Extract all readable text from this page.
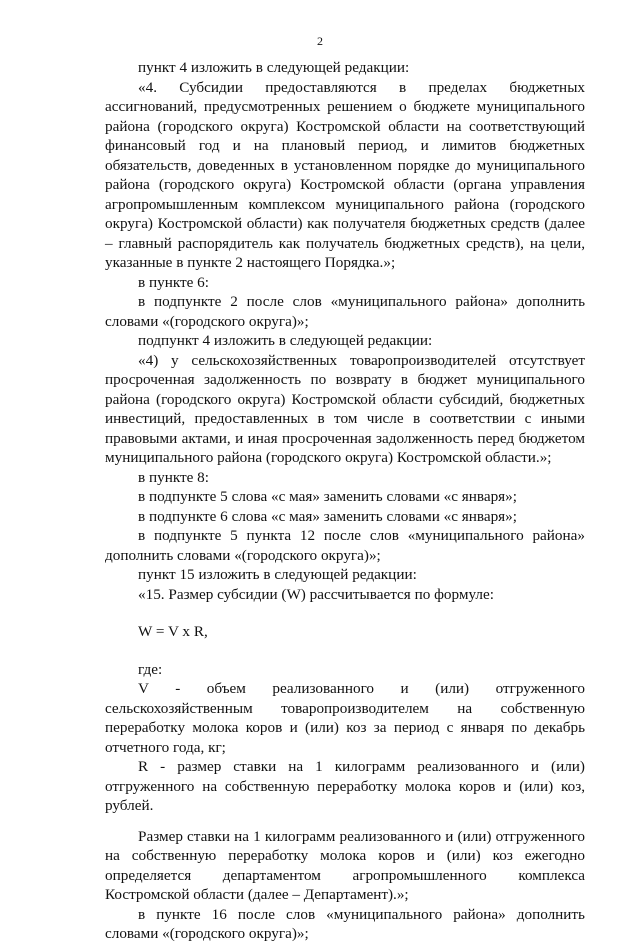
2

пункт 4 изложить в следующей редакции:

«4. Субсидии предоставляются в пределах бюджетных ассигнований, предусмотренных решением о бюджете муниципального района (городского округа) Костромской области на соответствующий финансовый год и на плановый период, и лимитов бюджетных обязательств, доведенных в установленном порядке до муниципального района (городского округа) Костромской области (органа управления агропромышленным комплексом муниципального района (городского округа) Костромской области) как получателя бюджетных средств (далее – главный распорядитель как получатель бюджетных средств), на цели, указанные в пункте 2 настоящего Порядка.»;

в пункте 6:

в подпункте 2 после слов «муниципального района» дополнить словами «(городского округа)»;

подпункт 4 изложить в следующей редакции:

«4) у сельскохозяйственных товаропроизводителей отсутствует просроченная задолженность по возврату в бюджет муниципального района (городского округа) Костромской области субсидий, бюджетных инвестиций, предоставленных в том числе в соответствии с иными правовыми актами, и иная просроченная задолженность перед бюджетом муниципального района (городского округа) Костромской области.»;

в пункте 8:

в подпункте 5 слова «с мая» заменить словами «с января»;

в подпункте 6 слова «с мая» заменить словами «с января»;

в подпункте 5 пункта 12 после слов «муниципального района» дополнить словами «(городского округа)»;

пункт 15 изложить в следующей редакции:

«15. Размер субсидии (W) рассчитывается по формуле:

W = V x R,

где:

V - объем реализованного и (или) отгруженного сельскохозяйственным товаропроизводителем на собственную переработку молока коров и (или) коз за период с января по декабрь отчетного года, кг;

R - размер ставки на 1 килограмм реализованного и (или) отгруженного на собственную переработку молока коров и (или) коз, рублей.

Размер ставки на 1 килограмм реализованного и (или) отгруженного на собственную переработку молока коров и (или) коз ежегодно определяется департаментом агропромышленного комплекса Костромской области (далее – Департамент).»;

в пункте 16 после слов «муниципального района» дополнить словами «(городского округа)»;
